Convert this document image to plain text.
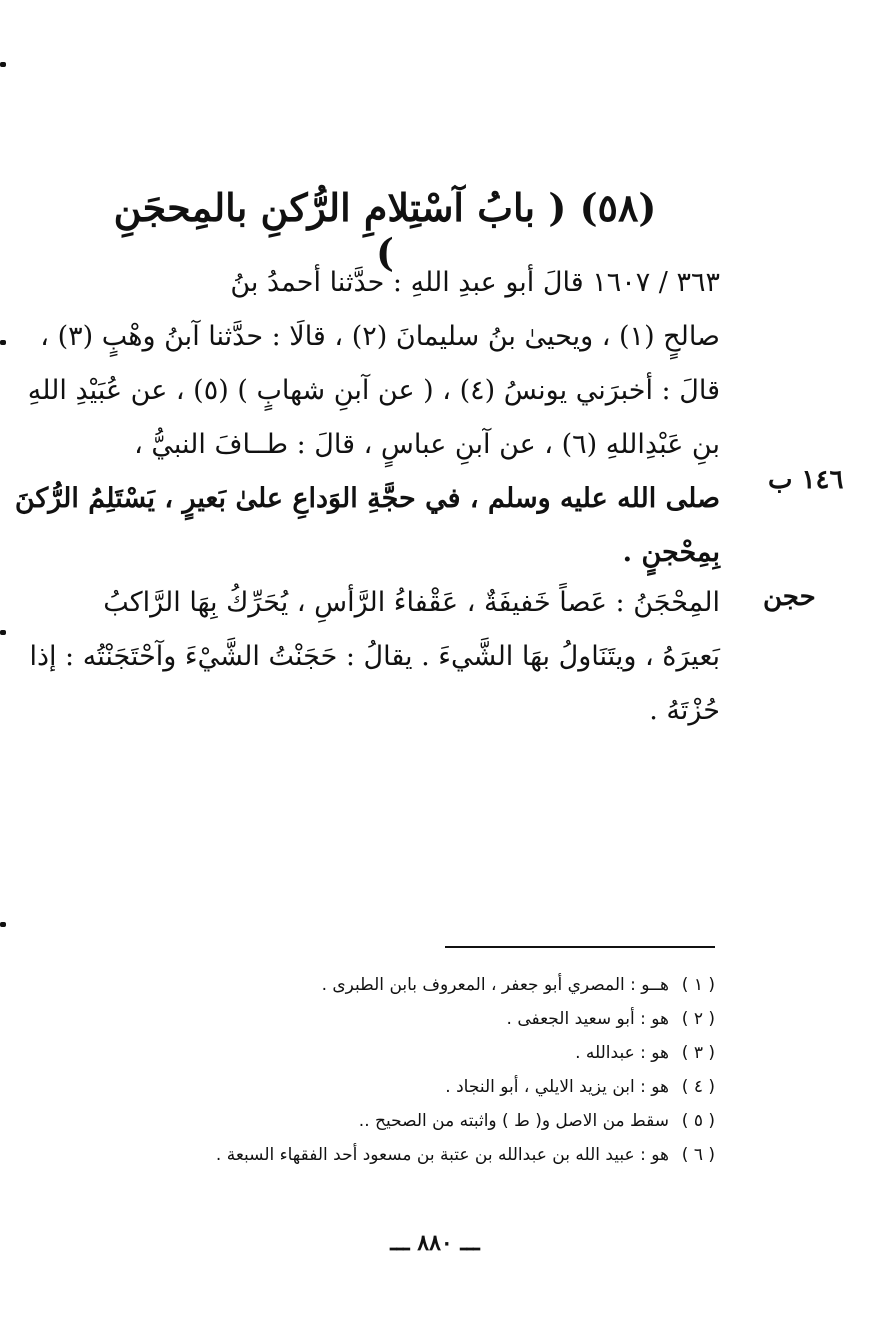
(٥٨) ( بابُ آسْتِلامِ الرُّكنِ بالمِحجَنِ )
٣٦٣ / ١٦٠٧ قالَ أبو عبدِ اللهِ : حدَّثنا أحمدُ بنُ
صالحٍ (١) ، ويحيىٰ بنُ سليمانَ (٢) ، قالَا : حدَّثنا آبنُ وهْبٍ (٣) ،
قالَ : أخبرَني يونسُ (٤) ، ( عن آبنِ شهابٍ ) (٥) ، عن عُبَيْدِ اللهِ
بنِ عَبْدِاللهِ (٦) ، عن آبنِ عباسٍ ، قالَ : طــافَ النبيُّ ،
صلى الله عليه وسلم ، في حجَّةِ الوَداعِ علىٰ بَعيرٍ ، يَسْتَلِمُ الرُّكنَ
بِمِحْجنٍ .
١٤٦ ب
المِحْجَنُ : عَصاً خَفيفَةٌ ، عَقْفاءُ الرَّأسِ ، يُحَرِّكُ بِهَا الرَّاكبُ
بَعيرَهُ ، ويتَنَاولُ بهَا الشَّيءَ . يقالُ : حَجَنْتُ الشَّيْءَ وآحْتَجَنْتُه : إذا
حُزْتَهُ .
حجن
( ١ )
هــو : المصري أبو جعفر ، المعروف بابن الطبرى .
( ٢ )
هو : أبو سعيد الجعفى .
( ٣ )
هو : عبدالله .
( ٤ )
هو : ابن يزيد الايلي ، أبو النجاد .
( ٥ )
سقط من الاصل و( ط ) واثبته من الصحيح ..
( ٦ )
هو : عبيد الله بن عبدالله بن عتبة بن مسعود أحد الفقهاء السبعة .
ـــ ٨٨٠ ـــ
